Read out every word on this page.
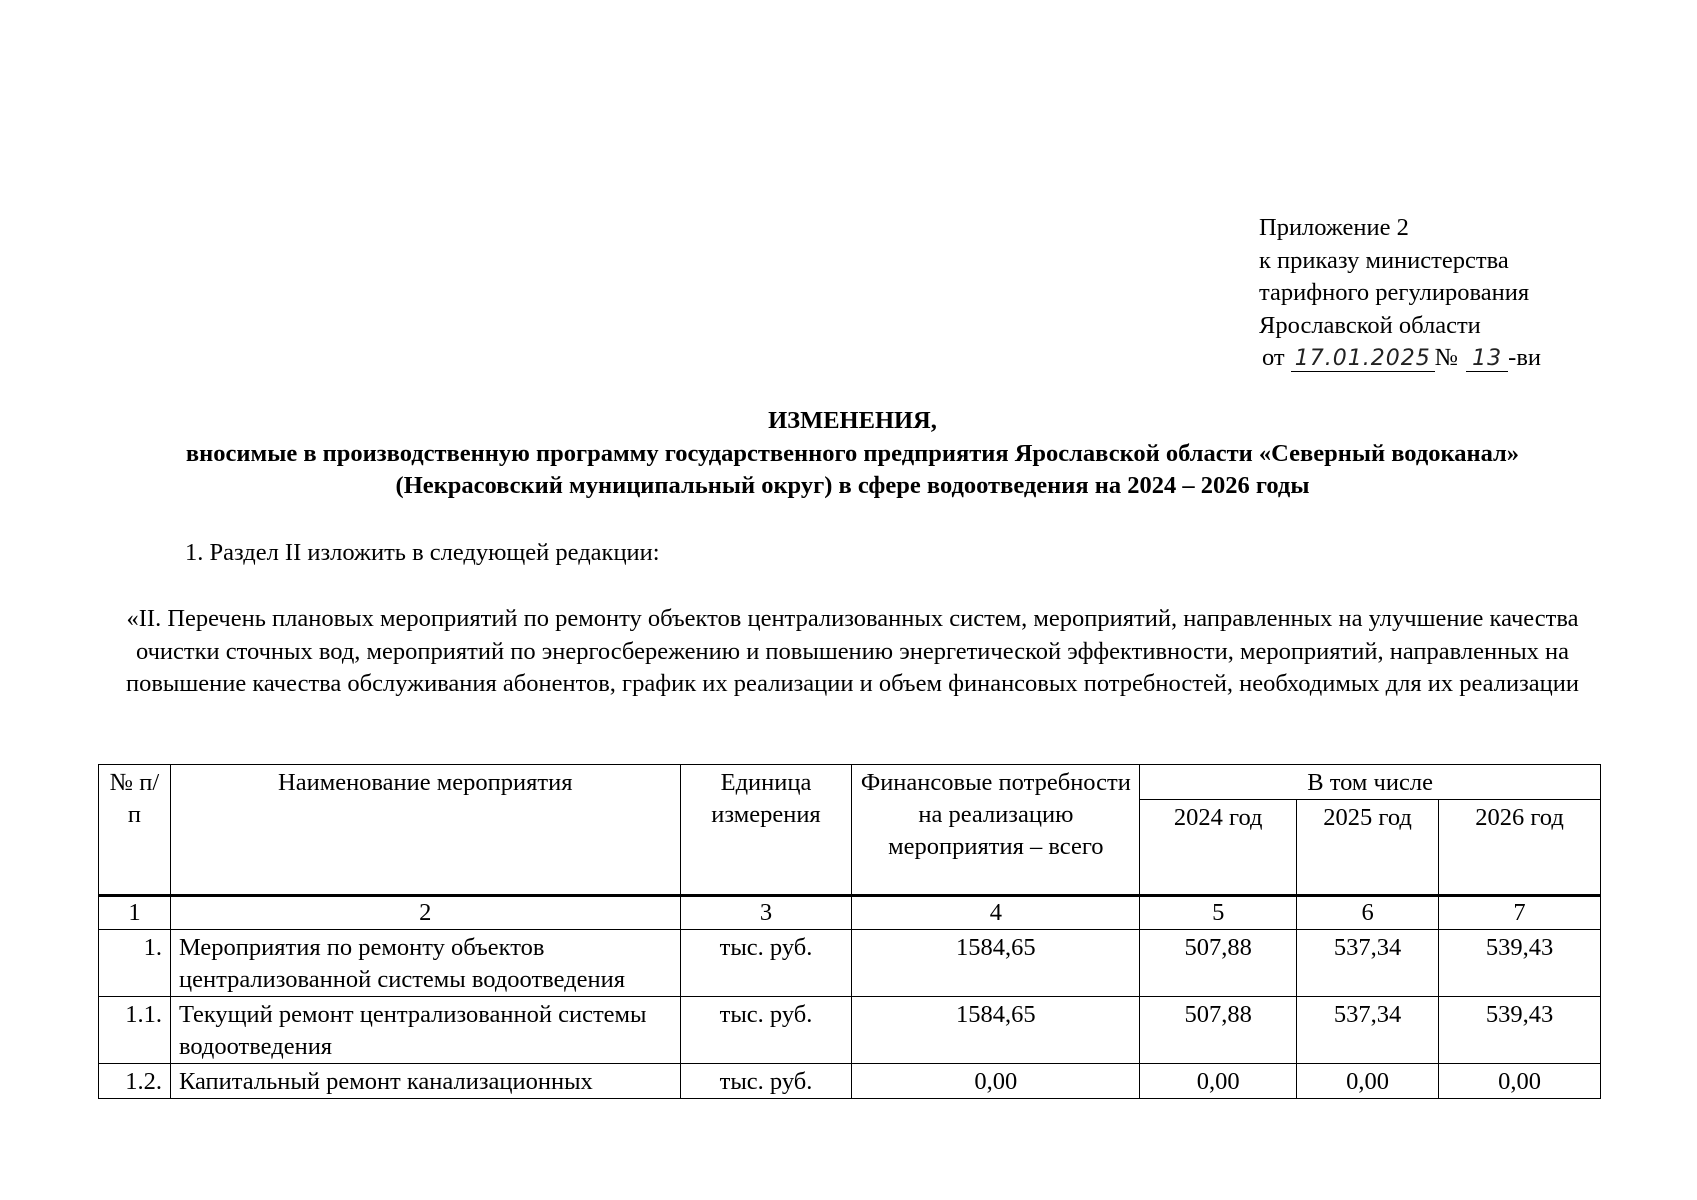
Приложение 2
к приказу министерства
тарифного регулирования
Ярославской области
от 17.01.2025 № 13 -ви
ИЗМЕНЕНИЯ,
вносимые в производственную программу государственного предприятия Ярославской области «Северный водоканал» (Некрасовский муниципальный округ) в сфере водоотведения на 2024 – 2026 годы
1. Раздел II изложить в следующей редакции:
«II. Перечень плановых мероприятий по ремонту объектов централизованных систем, мероприятий, направленных на улучшение качества очистки сточных вод, мероприятий по энергосбережению и повышению энергетической эффективности, мероприятий, направленных на повышение качества обслуживания абонентов, график их реализации и объем финансовых потребностей, необходимых для их реализации
№ п/п	Наименование мероприятия	Единица измерения	Финансовые потребности на реализацию мероприятия – всего	В том числе		
				2024 год	2025 год	2026 год
1	2	3	4	5	6	7
1.	Мероприятия по ремонту объектов централизованной системы водоотведения	тыс. руб.	1584,65	507,88	537,34	539,43
1.1.	Текущий ремонт централизованной системы водоотведения	тыс. руб.	1584,65	507,88	537,34	539,43
1.2.	Капитальный ремонт канализационных	тыс. руб.	0,00	0,00	0,00	0,00
